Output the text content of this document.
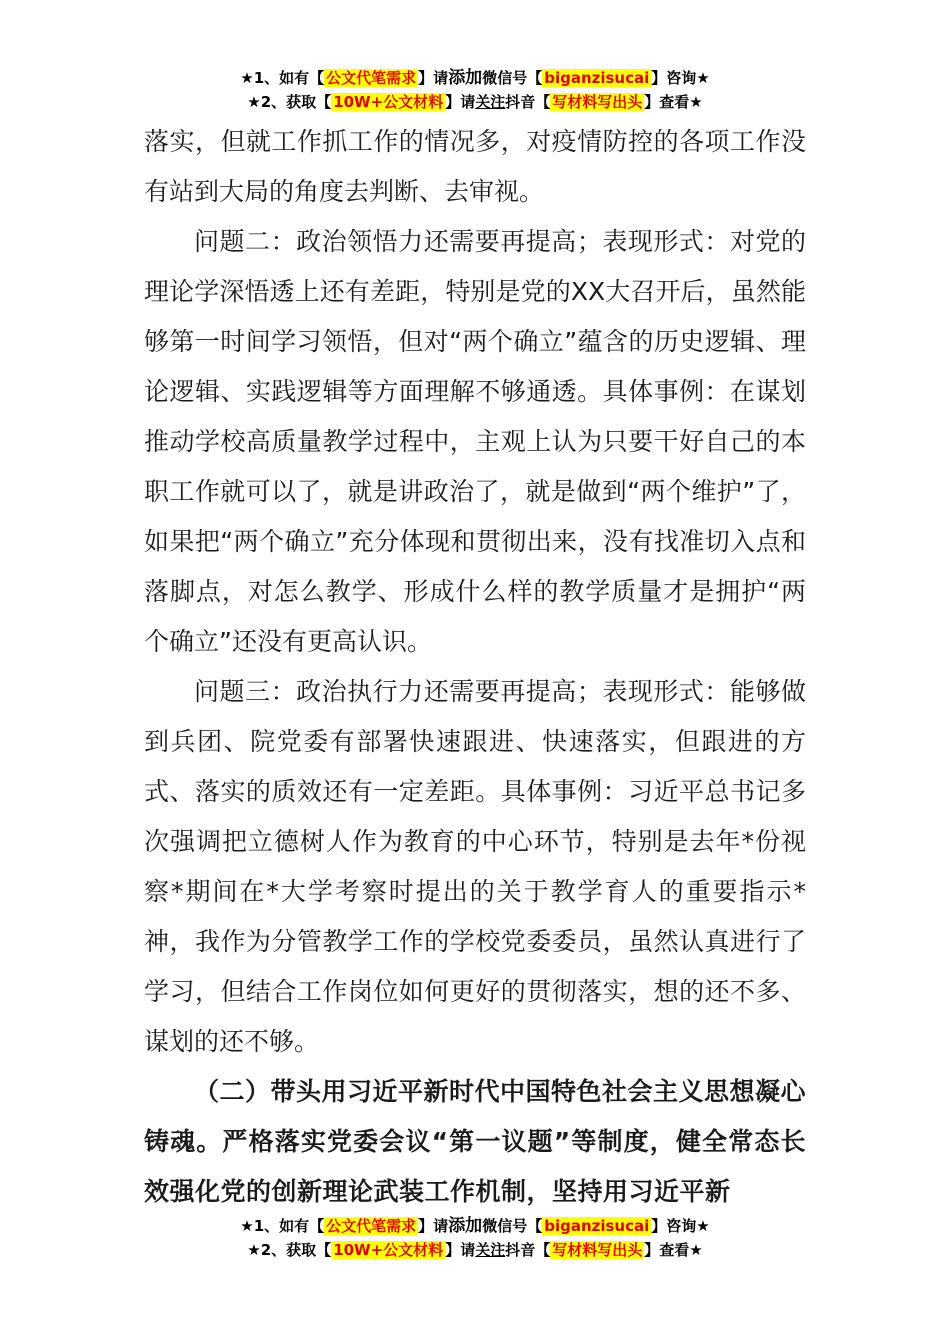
★1、如有【 公文代笔需求 】请添加微信号【 biganzisucai 】咨询★
★2、获取【 10W+公文材料 】请关注抖音【 写材料写出头 】查看★

落实，但就工作抓工作的情况多，对疫情防控的各项工作没有站到大局的角度去判断、去审视。

问题二：政治领悟力还需要再提高；表现形式：对党的理论学深悟透上还有差距，特别是党的XX大召开后，虽然能够第一时间学习领悟，但对“两个确立”蕴含的历史逻辑、理论逻辑、实践逻辑等方面理解不够通透。具体事例：在谋划推动学校高质量教学过程中，主观上认为只要干好自己的本职工作就可以了，就是讲政治了，就是做到“两个维护”了，如果把“两个确立”充分体现和贯彻出来，没有找准切入点和落脚点，对怎么教学、形成什么样的教学质量才是拥护“两个确立”还没有更高认识。

问题三：政治执行力还需要再提高；表现形式：能够做到兵团、院党委有部署快速跟进、快速落实，但跟进的方式、落实的质效还有一定差距。具体事例：习近平总书记多次强调把立德树人作为教育的中心环节，特别是去年*份视察*期间在*大学考察时提出的关于教学育人的重要指示*神，我作为分管教学工作的学校党委委员，虽然认真进行了学习，但结合工作岗位如何更好的贯彻落实，想的还不多、谋划的还不够。

（二）带头用习近平新时代中国特色社会主义思想凝心铸魂。严格落实党委会议“第一议题”等制度，健全常态长效强化党的创新理论武装工作机制，坚持用习近平新

★1、如有【 公文代笔需求 】请添加微信号【 biganzisucai 】咨询★
★2、获取【 10W+公文材料 】请关注抖音【 写材料写出头 】查看★
